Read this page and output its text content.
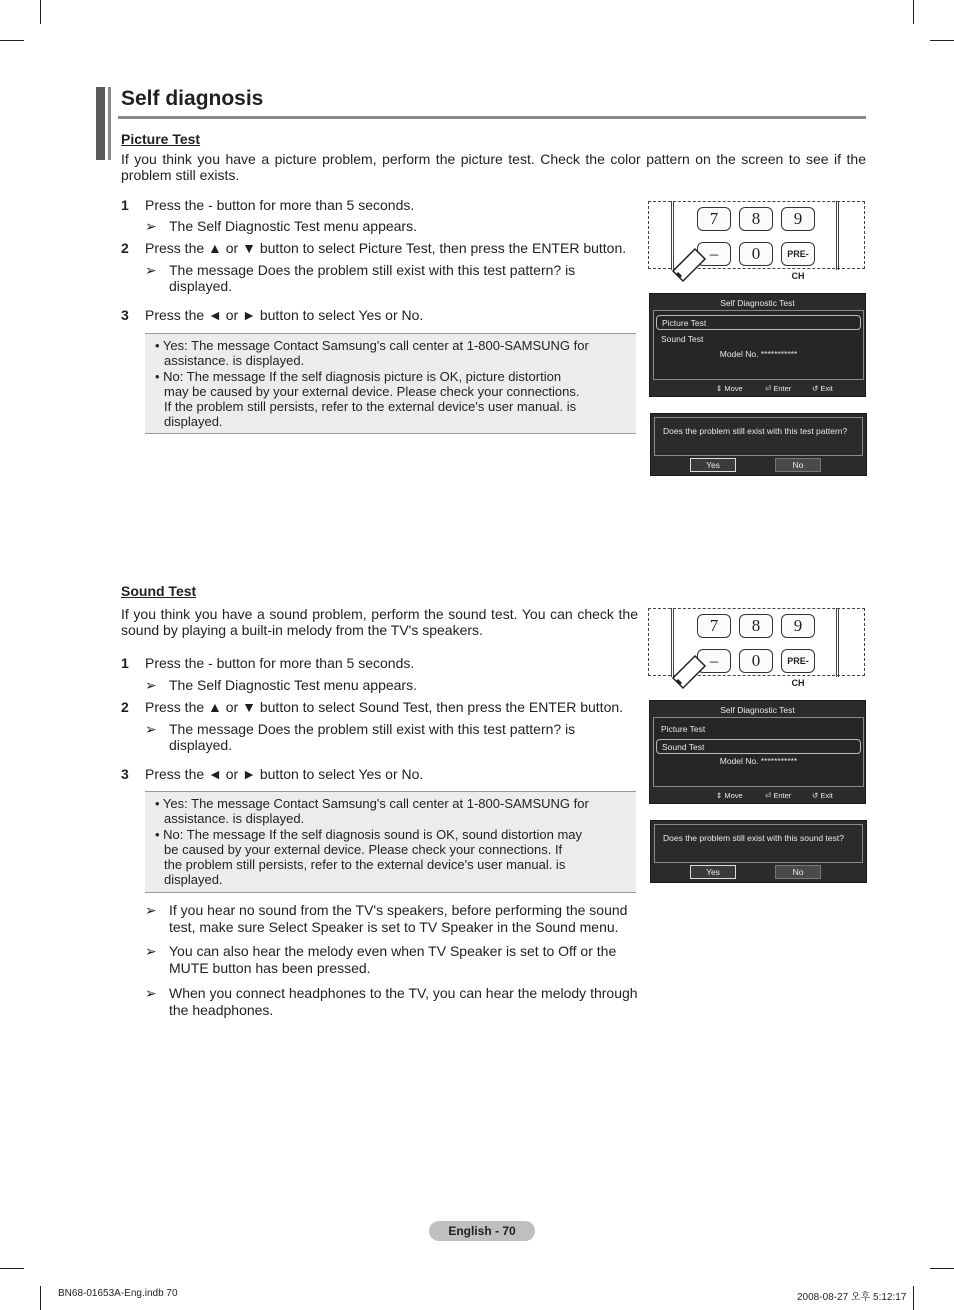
Self diagnosis
Picture Test
If you think you have a picture problem, perform the picture test. Check the color pattern on the screen to see if the problem still exists.
1 Press the - button for more than 5 seconds.
➢ The Self Diagnostic Test menu appears.
2 Press the ▲ or ▼ button to select Picture Test, then press the ENTER button.
➢ The message Does the problem still exist with this test pattern? is
displayed.
3 Press the ◄ or ► button to select Yes or No.
• Yes: The message Contact Samsung's call center at 1-800-SAMSUNG for
assistance. is displayed.
• No: The message If the self diagnosis picture is OK, picture distortion
may be caused by your external device. Please check your connections.
If the problem still persists, refer to the external device's user manual. is
displayed.
7	8	9
–	0	PRE-CH
Self Diagnostic Test
Picture Test
Sound Test
Model No. ***********
⇕ Move	⏎ Enter	↺ Exit
Does the problem still exist with this test pattern?
Yes	No
Sound Test
If you think you have a sound problem, perform the sound test. You can check the sound by playing a built-in melody from the TV's speakers.
1 Press the - button for more than 5 seconds.
➢ The Self Diagnostic Test menu appears.
2 Press the ▲ or ▼ button to select Sound Test, then press the ENTER button.
➢ The message Does the problem still exist with this test pattern? is
displayed.
3 Press the ◄ or ► button to select Yes or No.
• Yes: The message Contact Samsung's call center at 1-800-SAMSUNG for
assistance. is displayed.
• No: The message If the self diagnosis sound is OK, sound distortion may
be caused by your external device. Please check your connections. If
the problem still persists, refer to the external device's user manual. is
displayed.
➢ If you hear no sound from the TV's speakers, before performing the sound
test, make sure Select Speaker is set to TV Speaker in the Sound menu.
➢ You can also hear the melody even when TV Speaker is set to Off or the
MUTE button has been pressed.
➢ When you connect headphones to the TV, you can hear the melody through
the headphones.
7	8	9
–	0	PRE-CH
Self Diagnostic Test
Picture Test
Sound Test
Model No. ***********
⇕ Move	⏎ Enter	↺ Exit
Does the problem still exist with this sound test?
Yes	No
English - 70
BN68-01653A-Eng.indb 70	2008-08-27 오후 5:12:17
